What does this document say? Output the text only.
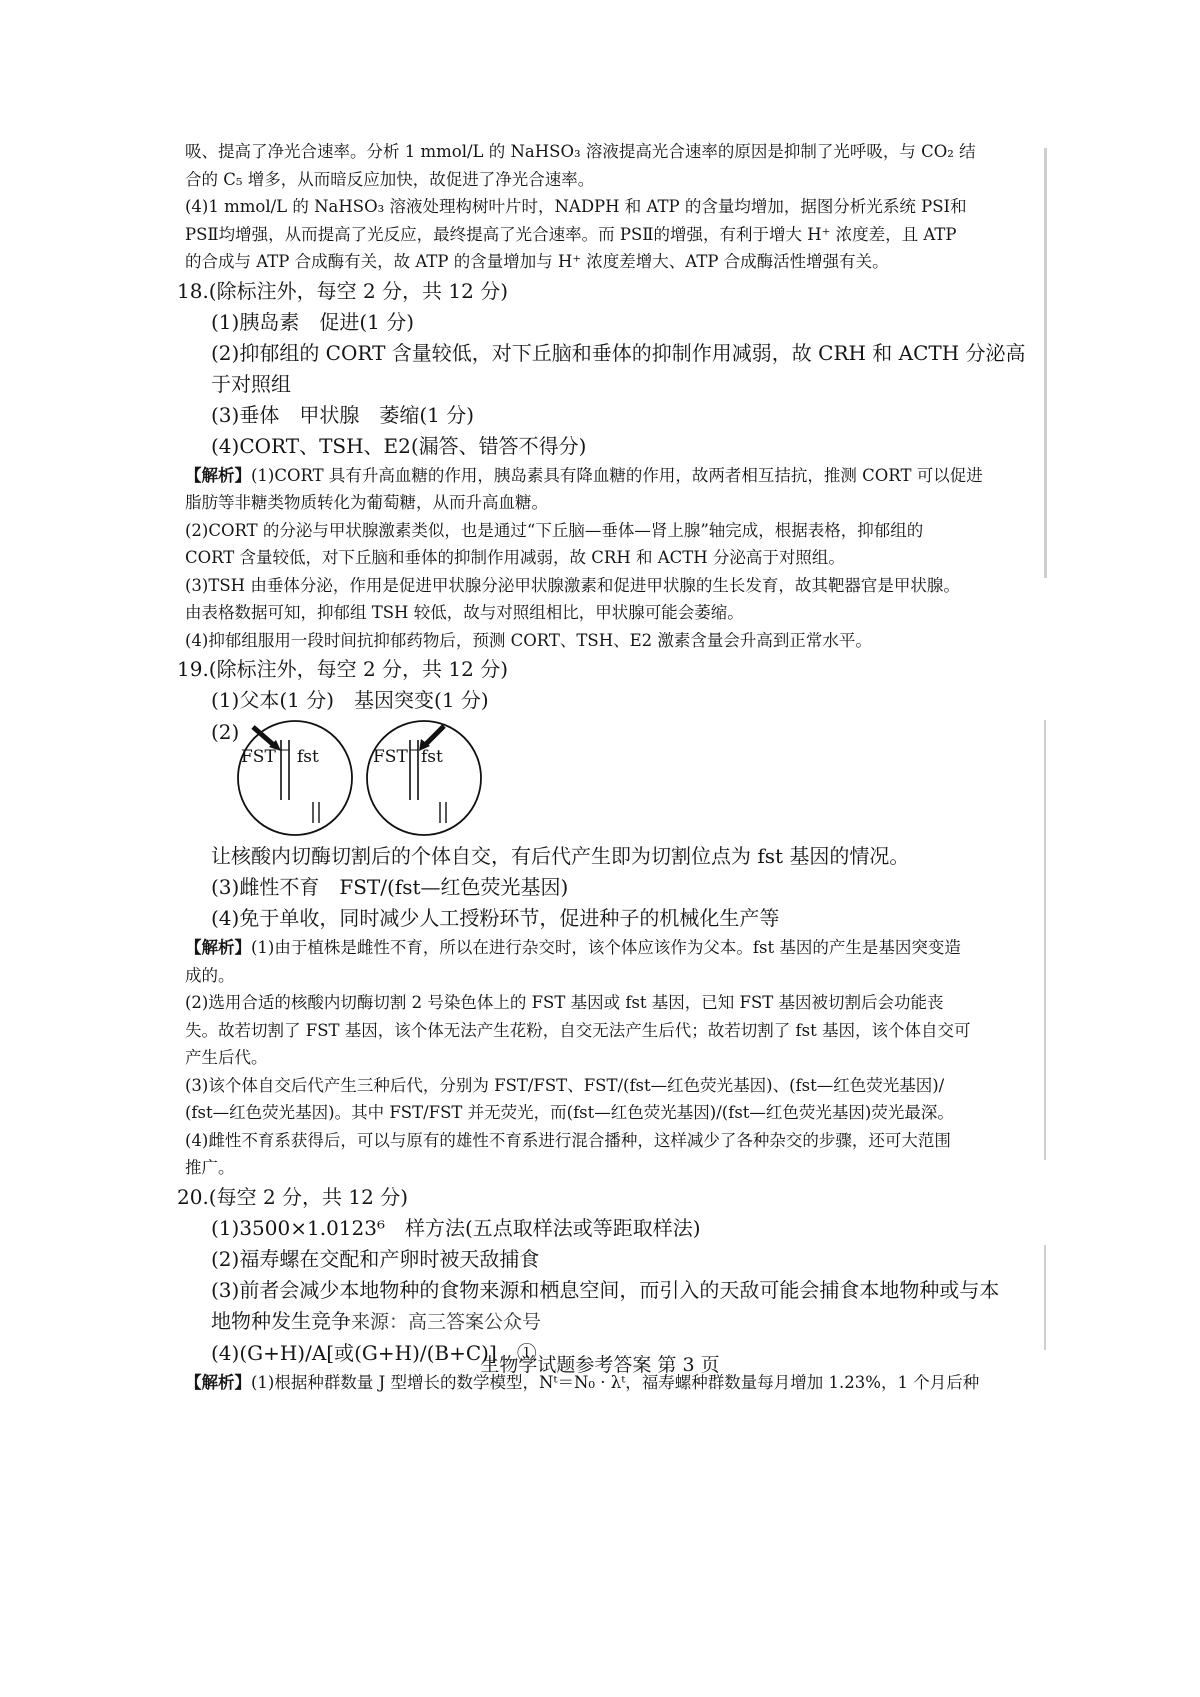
吸、提高了净光合速率。分析 1 mmol/L 的 NaHSO₃ 溶液提高光合速率的原因是抑制了光呼吸，与 CO₂ 结
合的 C₅ 增多，从而暗反应加快，故促进了净光合速率。
(4)1 mmol/L 的 NaHSO₃ 溶液处理构树叶片时，NADPH 和 ATP 的含量均增加，据图分析光系统 PSⅠ和
PSⅡ均增强，从而提高了光反应，最终提高了光合速率。而 PSⅡ的增强，有利于增大 H⁺ 浓度差，且 ATP
的合成与 ATP 合成酶有关，故 ATP 的含量增加与 H⁺ 浓度差增大、ATP 合成酶活性增强有关。
18.(除标注外，每空 2 分，共 12 分)
(1)胰岛素　促进(1 分)
(2)抑郁组的 CORT 含量较低，对下丘脑和垂体的抑制作用减弱，故 CRH 和 ACTH 分泌高
于对照组
(3)垂体　甲状腺　萎缩(1 分)
(4)CORT、TSH、E2(漏答、错答不得分)
【解析】(1)CORT 具有升高血糖的作用，胰岛素具有降血糖的作用，故两者相互拮抗，推测 CORT 可以促进
脂肪等非糖类物质转化为葡萄糖，从而升高血糖。
(2)CORT 的分泌与甲状腺激素类似，也是通过“下丘脑—垂体—肾上腺”轴完成，根据表格，抑郁组的
CORT 含量较低，对下丘脑和垂体的抑制作用减弱，故 CRH 和 ACTH 分泌高于对照组。
(3)TSH 由垂体分泌，作用是促进甲状腺分泌甲状腺激素和促进甲状腺的生长发育，故其靶器官是甲状腺。
由表格数据可知，抑郁组 TSH 较低，故与对照组相比，甲状腺可能会萎缩。
(4)抑郁组服用一段时间抗抑郁药物后，预测 CORT、TSH、E2 激素含量会升高到正常水平。
19.(除标注外，每空 2 分，共 12 分)
(1)父本(1 分)　基因突变(1 分)
(2)
FST fst	FST fst
让核酸内切酶切割后的个体自交，有后代产生即为切割位点为 fst 基因的情况。
(3)雌性不育　FST/(fst—红色荧光基因)
(4)免于单收，同时减少人工授粉环节，促进种子的机械化生产等
【解析】(1)由于植株是雌性不育，所以在进行杂交时，该个体应该作为父本。fst 基因的产生是基因突变造
成的。
(2)选用合适的核酸内切酶切割 2 号染色体上的 FST 基因或 fst 基因，已知 FST 基因被切割后会功能丧
失。故若切割了 FST 基因，该个体无法产生花粉，自交无法产生后代；故若切割了 fst 基因，该个体自交可
产生后代。
(3)该个体自交后代产生三种后代，分别为 FST/FST、FST/(fst—红色荧光基因)、(fst—红色荧光基因)/
(fst—红色荧光基因)。其中 FST/FST 并无荧光，而(fst—红色荧光基因)/(fst—红色荧光基因)荧光最深。
(4)雌性不育系获得后，可以与原有的雄性不育系进行混合播种，这样减少了各种杂交的步骤，还可大范围
推广。
20.(每空 2 分，共 12 分)
(1)3500×1.0123⁶　样方法(五点取样法或等距取样法)
(2)福寿螺在交配和产卵时被天敌捕食
(3)前者会减少本地物种的食物来源和栖息空间，而引入的天敌可能会捕食本地物种或与本
地物种发生竞争来源：高三答案公众号
(4)(G+H)/A[或(G+H)/(B+C)]　①
【解析】(1)根据种群数量 J 型增长的数学模型，Nᵗ＝N₀ · λᵗ，福寿螺种群数量每月增加 1.23%，1 个月后种
生物学试题参考答案 第 3 页
